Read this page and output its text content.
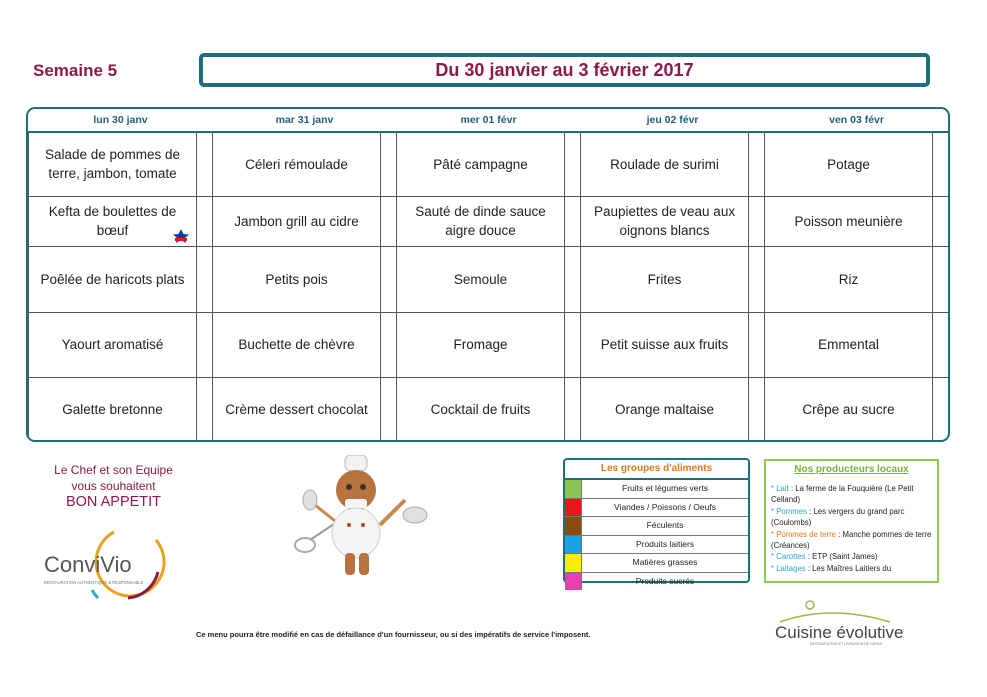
Semaine 5	Du 30 janvier au 3 février 2017
lun 30 janv		mar 31 janv		mer 01 févr		jeu 02 févr		ven 03 févr	
Salade de pommes de terre, jambon, tomate		Céleri rémoulade		Pâté campagne		Roulade de surimi		Potage	

Kefta de boulettes de bœuf		Jambon grill au cidre		Sauté de dinde sauce aigre douce		Paupiettes de veau aux oignons blancs		Poisson meunière	

Poêlée de haricots plats		Petits pois		Semoule		Frites		Riz	

Yaourt aromatisé		Buchette de chèvre		Fromage		Petit suisse aux fruits		Emmental	

Galette bretonne		Crème dessert chocolat		Cocktail de fruits		Orange maltaise		Crêpe au sucre	
Le Chef et son Equipe
vous souhaitent
BON APPETIT
ConviVio
RESTAURATION AUTHENTIQUE & RESPONSABLE
Ce menu pourra être modifié en cas de défaillance d'un fournisseur, ou si des impératifs de service l'imposent.
Les groupes d'aliments
Fruits et légumes verts
Viandes / Poissons / Oeufs
Féculents
Produits laitiers
Matières grasses
Produits sucrés
Nos producteurs locaux
* Lait : La ferme de la Fouquière (Le Petit Celland)
* Pommes : Les vergers du grand parc (Coulombs)
* Pommes de terre : Manche pommes de terre (Créances)
* Carottes : ETP (Saint James)
* Laitages : Les Maîtres Laitiers du
Cuisine évolutive
RESTAURATION ET LIVRAISON DE REPAS
